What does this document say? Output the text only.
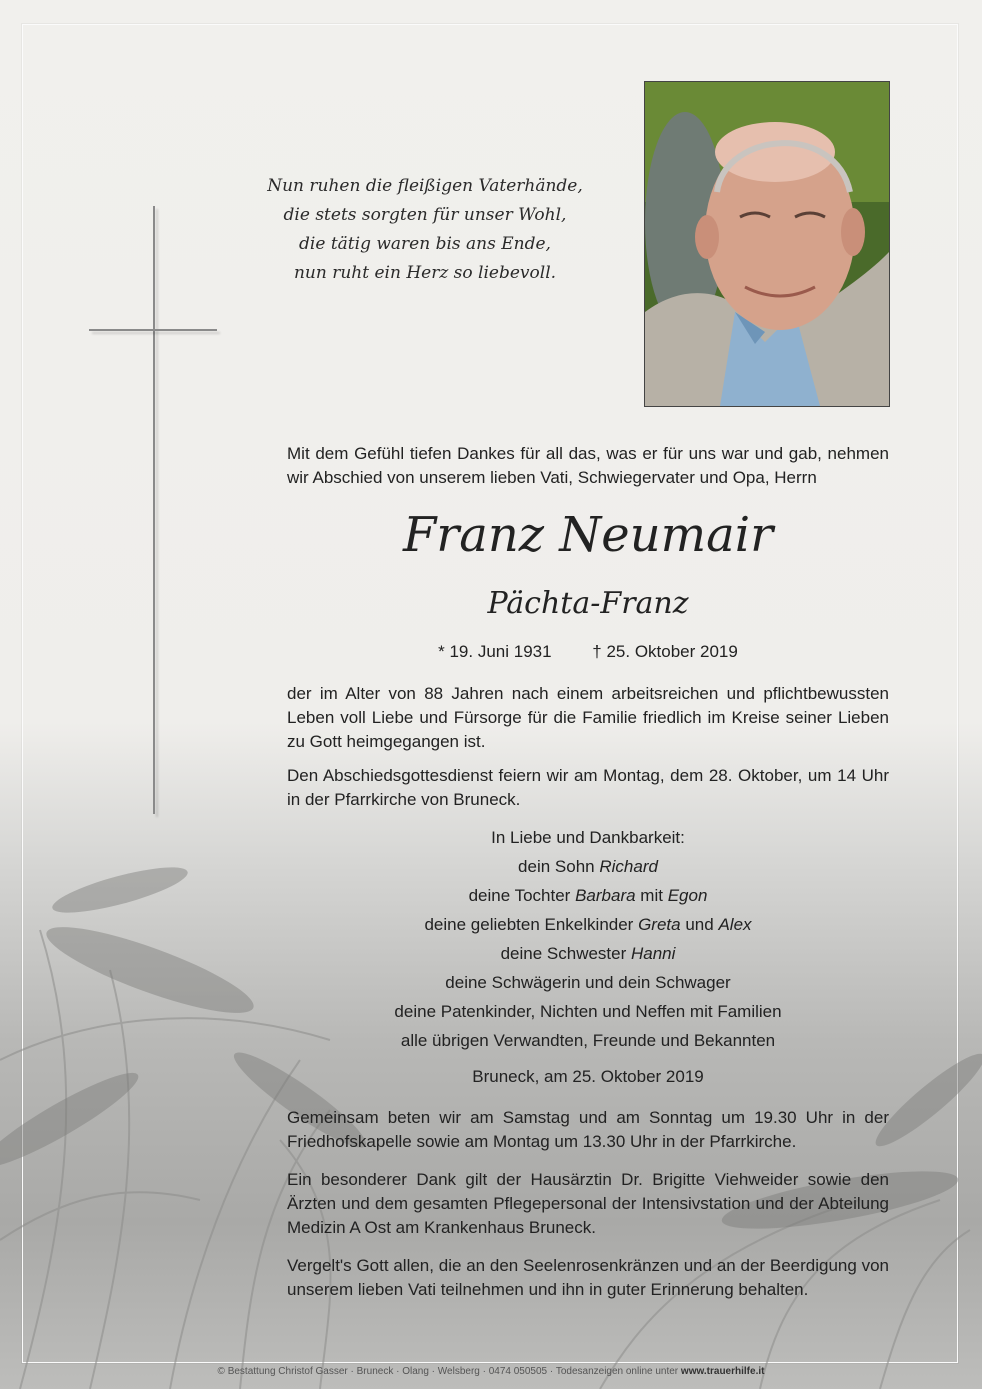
Nun ruhen die fleißigen Vaterhände,
die stets sorgten für unser Wohl,
die tätig waren bis ans Ende,
nun ruht ein Herz so liebevoll.
Mit dem Gefühl tiefen Dankes für all das, was er für uns war und gab, nehmen wir Abschied von unserem lieben Vati, Schwiegervater und Opa, Herrn
Franz Neumair
Pächta-Franz
* 19. Juni 1931 † 25. Oktober 2019
der im Alter von 88 Jahren nach einem arbeitsreichen und pflichtbewussten Leben voll Liebe und Fürsorge für die Familie friedlich im Kreise seiner Lieben zu Gott heimgegangen ist.
Den Abschiedsgottesdienst feiern wir am Montag, dem 28. Oktober, um 14 Uhr in der Pfarrkirche von Bruneck.
In Liebe und Dankbarkeit:
dein Sohn Richard
deine Tochter Barbara mit Egon
deine geliebten Enkelkinder Greta und Alex
deine Schwester Hanni
deine Schwägerin und dein Schwager
deine Patenkinder, Nichten und Neffen mit Familien
alle übrigen Verwandten, Freunde und Bekannten
Bruneck, am 25. Oktober 2019
Gemeinsam beten wir am Samstag und am Sonntag um 19.30 Uhr in der Friedhofskapelle sowie am Montag um 13.30 Uhr in der Pfarrkirche.
Ein besonderer Dank gilt der Hausärztin Dr. Brigitte Viehweider sowie den Ärzten und dem gesamten Pflegepersonal der Intensivstation und der Abteilung Medizin A Ost am Krankenhaus Bruneck.
Vergelt's Gott allen, die an den Seelenrosenkränzen und an der Beerdigung von unserem lieben Vati teilnehmen und ihn in guter Erinnerung behalten.
© Bestattung Christof Gasser · Bruneck · Olang · Welsberg · 0474 050505 · Todesanzeigen online unter www.trauerhilfe.it
